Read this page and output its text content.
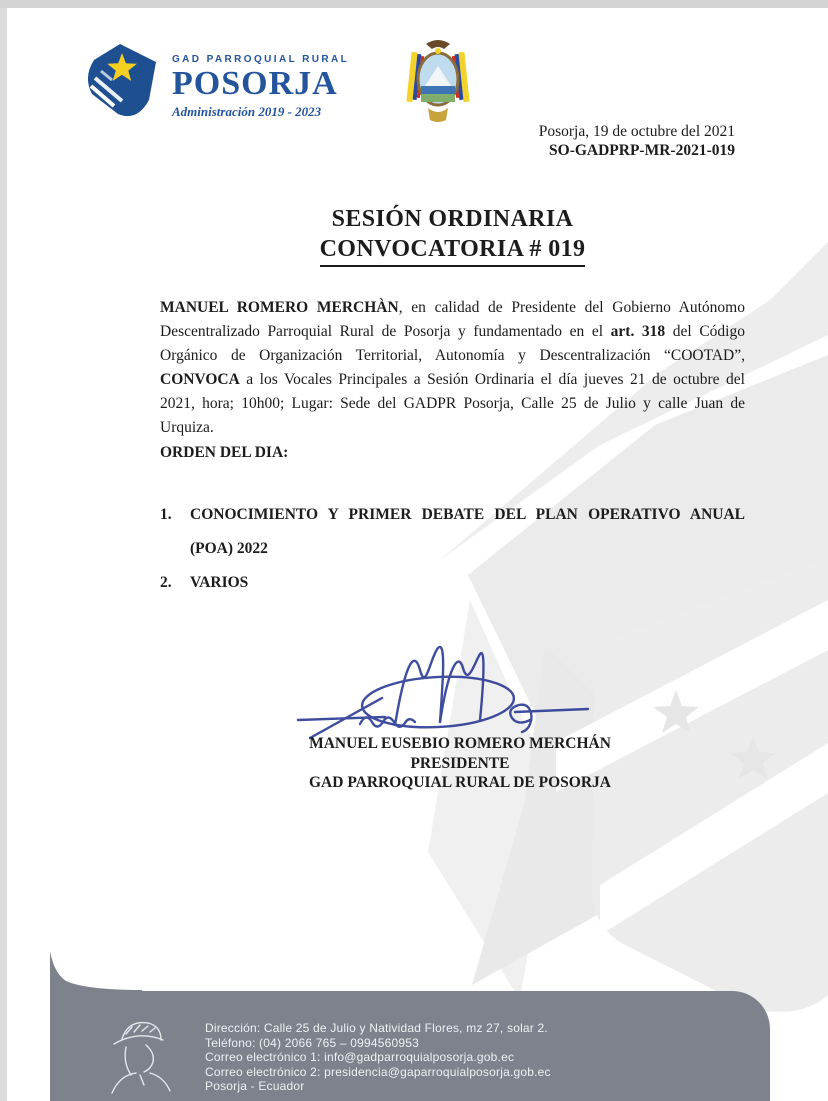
GAD PARROQUIAL RURAL
POSORJA
Administración 2019 - 2023
Posorja, 19 de octubre del 2021
SO-GADPRP-MR-2021-019
SESIÓN ORDINARIA
CONVOCATORIA # 019
MANUEL ROMERO MERCHÀN, en calidad de Presidente del Gobierno Autónomo Descentralizado Parroquial Rural de Posorja y fundamentado en el art. 318 del Código Orgánico de Organización Territorial, Autonomía y Descentralización “COOTAD”, CONVOCA a los Vocales Principales a Sesión Ordinaria el día jueves 21 de octubre del 2021, hora; 10h00; Lugar: Sede del GADPR Posorja, Calle 25 de Julio y calle Juan de Urquiza.
ORDEN DEL DIA:
1.	CONOCIMIENTO Y PRIMER DEBATE DEL PLAN OPERATIVO ANUAL (POA) 2022
2.	VARIOS
MANUEL EUSEBIO ROMERO MERCHÁN
PRESIDENTE
GAD PARROQUIAL RURAL DE POSORJA
Dirección: Calle 25 de Julio y Natividad Flores, mz 27, solar 2.
Teléfono: (04) 2066 765 – 0994560953
Correo electrónico 1: info@gadparroquialposorja.gob.ec
Correo electrónico 2: presidencia@gaparroquialposorja.gob.ec
Posorja - Ecuador
